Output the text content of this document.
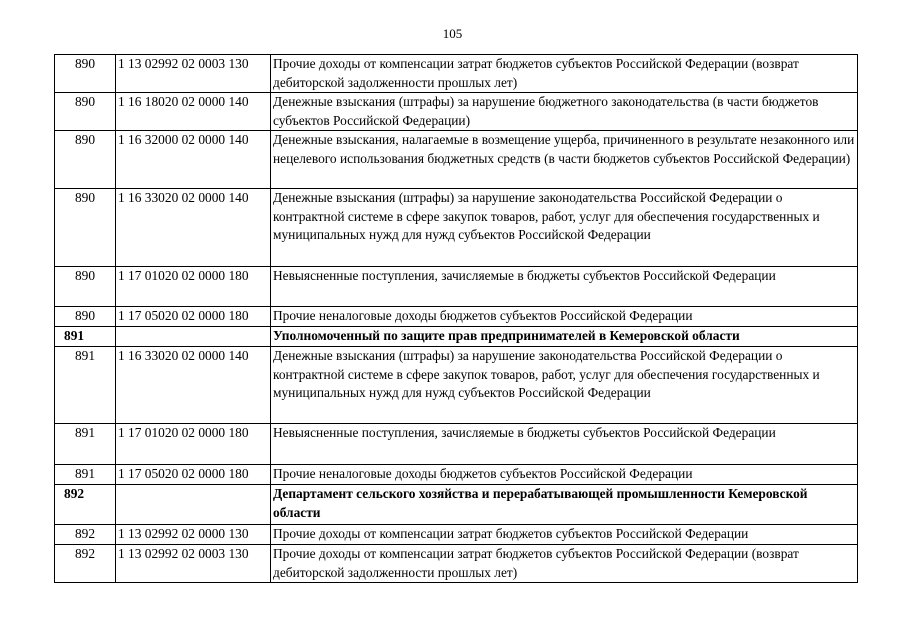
105
890	1 13 02992 02 0003 130	Прочие доходы от компенсации затрат бюджетов субъектов Российской Федерации (возврат дебиторской задолженности прошлых лет)
890	1 16 18020 02 0000 140	Денежные взыскания (штрафы) за нарушение бюджетного законодательства (в части бюджетов субъектов Российской Федерации)
890	1 16 32000 02 0000 140	Денежные взыскания, налагаемые в возмещение ущерба, причиненного в результате незаконного или нецелевого использования бюджетных средств (в части бюджетов субъектов Российской Федерации)
890	1 16 33020 02 0000 140	Денежные взыскания (штрафы) за нарушение законодательства Российской Федерации о контрактной системе в сфере закупок товаров, работ, услуг для обеспечения государственных и муниципальных нужд для нужд субъектов Российской Федерации
890	1 17 01020 02 0000 180	Невыясненные поступления, зачисляемые в бюджеты субъектов Российской Федерации
890	1 17 05020 02 0000 180	Прочие неналоговые доходы бюджетов субъектов Российской Федерации
891		Уполномоченный по защите прав предпринимателей в Кемеровской области
891	1 16 33020 02 0000 140	Денежные взыскания (штрафы) за нарушение законодательства Российской Федерации о контрактной системе в сфере закупок товаров, работ, услуг для обеспечения государственных и муниципальных нужд для нужд субъектов Российской Федерации
891	1 17 01020 02 0000 180	Невыясненные поступления, зачисляемые в бюджеты субъектов Российской Федерации
891	1 17 05020 02 0000 180	Прочие неналоговые доходы бюджетов субъектов Российской Федерации
892		Департамент сельского хозяйства и перерабатывающей промышленности Кемеровской области
892	1 13 02992 02 0000 130	Прочие доходы от компенсации затрат бюджетов субъектов Российской Федерации
892	1 13 02992 02 0003 130	Прочие доходы от компенсации затрат бюджетов субъектов Российской Федерации (возврат дебиторской задолженности прошлых лет)
